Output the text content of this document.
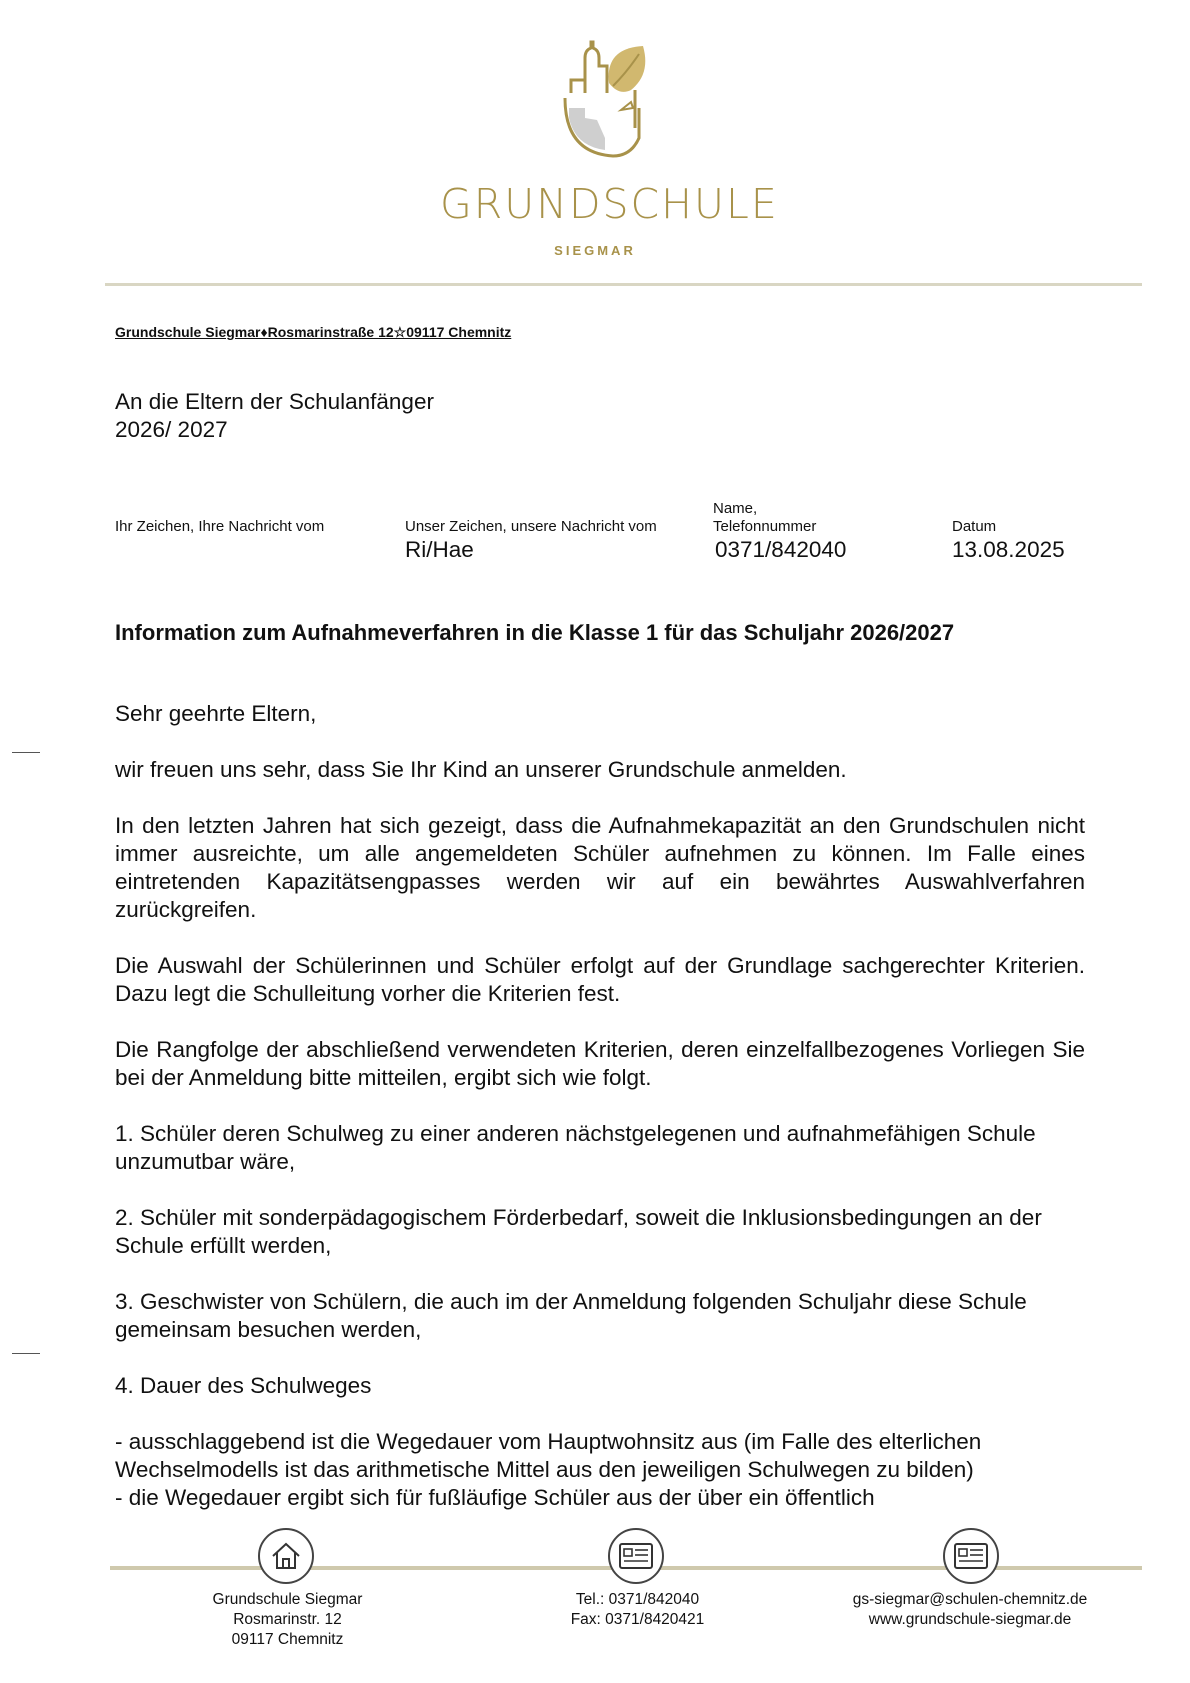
GRUNDSCHULE
SIEGMAR
Grundschule Siegmar♦Rosmarinstraße 12☆09117 Chemnitz
An die Eltern der Schulanfänger
2026/ 2027
Ihr Zeichen, Ihre Nachricht vom	Unser Zeichen, unsere Nachricht vom
Ri/Hae
Name,
Telefonnummer
0371/842040
Datum
13.08.2025
Information zum Aufnahmeverfahren in die Klasse 1 für das Schuljahr 2026/2027

Sehr geehrte Eltern,

wir freuen uns sehr, dass Sie Ihr Kind an unserer Grundschule anmelden.

In den letzten Jahren hat sich gezeigt, dass die Aufnahmekapazität an den Grundschulen nicht immer ausreichte, um alle angemeldeten Schüler aufnehmen zu können. Im Falle eines eintretenden Kapazitätsengpasses werden wir auf ein bewährtes Auswahlverfahren zurückgreifen.

Die Auswahl der Schülerinnen und Schüler erfolgt auf der Grundlage sachgerechter Kriterien. Dazu legt die Schulleitung vorher die Kriterien fest.

Die Rangfolge der abschließend verwendeten Kriterien, deren einzelfallbezogenes Vorliegen Sie bei der Anmeldung bitte mitteilen, ergibt sich wie folgt.

1. Schüler deren Schulweg zu einer anderen nächstgelegenen und aufnahmefähigen Schule unzumutbar wäre,

2. Schüler mit sonderpädagogischem Förderbedarf, soweit die Inklusionsbedingungen an der Schule erfüllt werden,

3. Geschwister von Schülern, die auch im der Anmeldung folgenden Schuljahr diese Schule gemeinsam besuchen werden,

4. Dauer des Schulweges

- ausschlaggebend ist die Wegedauer vom Hauptwohnsitz aus (im Falle des elterlichen Wechselmodells ist das arithmetische Mittel aus den jeweiligen Schulwegen zu bilden)

- die Wegedauer ergibt sich für fußläufige Schüler aus der über ein öffentlich

Grundschule Siegmar
Rosmarinstr. 12
09117 Chemnitz
Tel.: 0371/842040
Fax: 0371/8420421
gs-siegmar@schulen-chemnitz.de
www.grundschule-siegmar.de
